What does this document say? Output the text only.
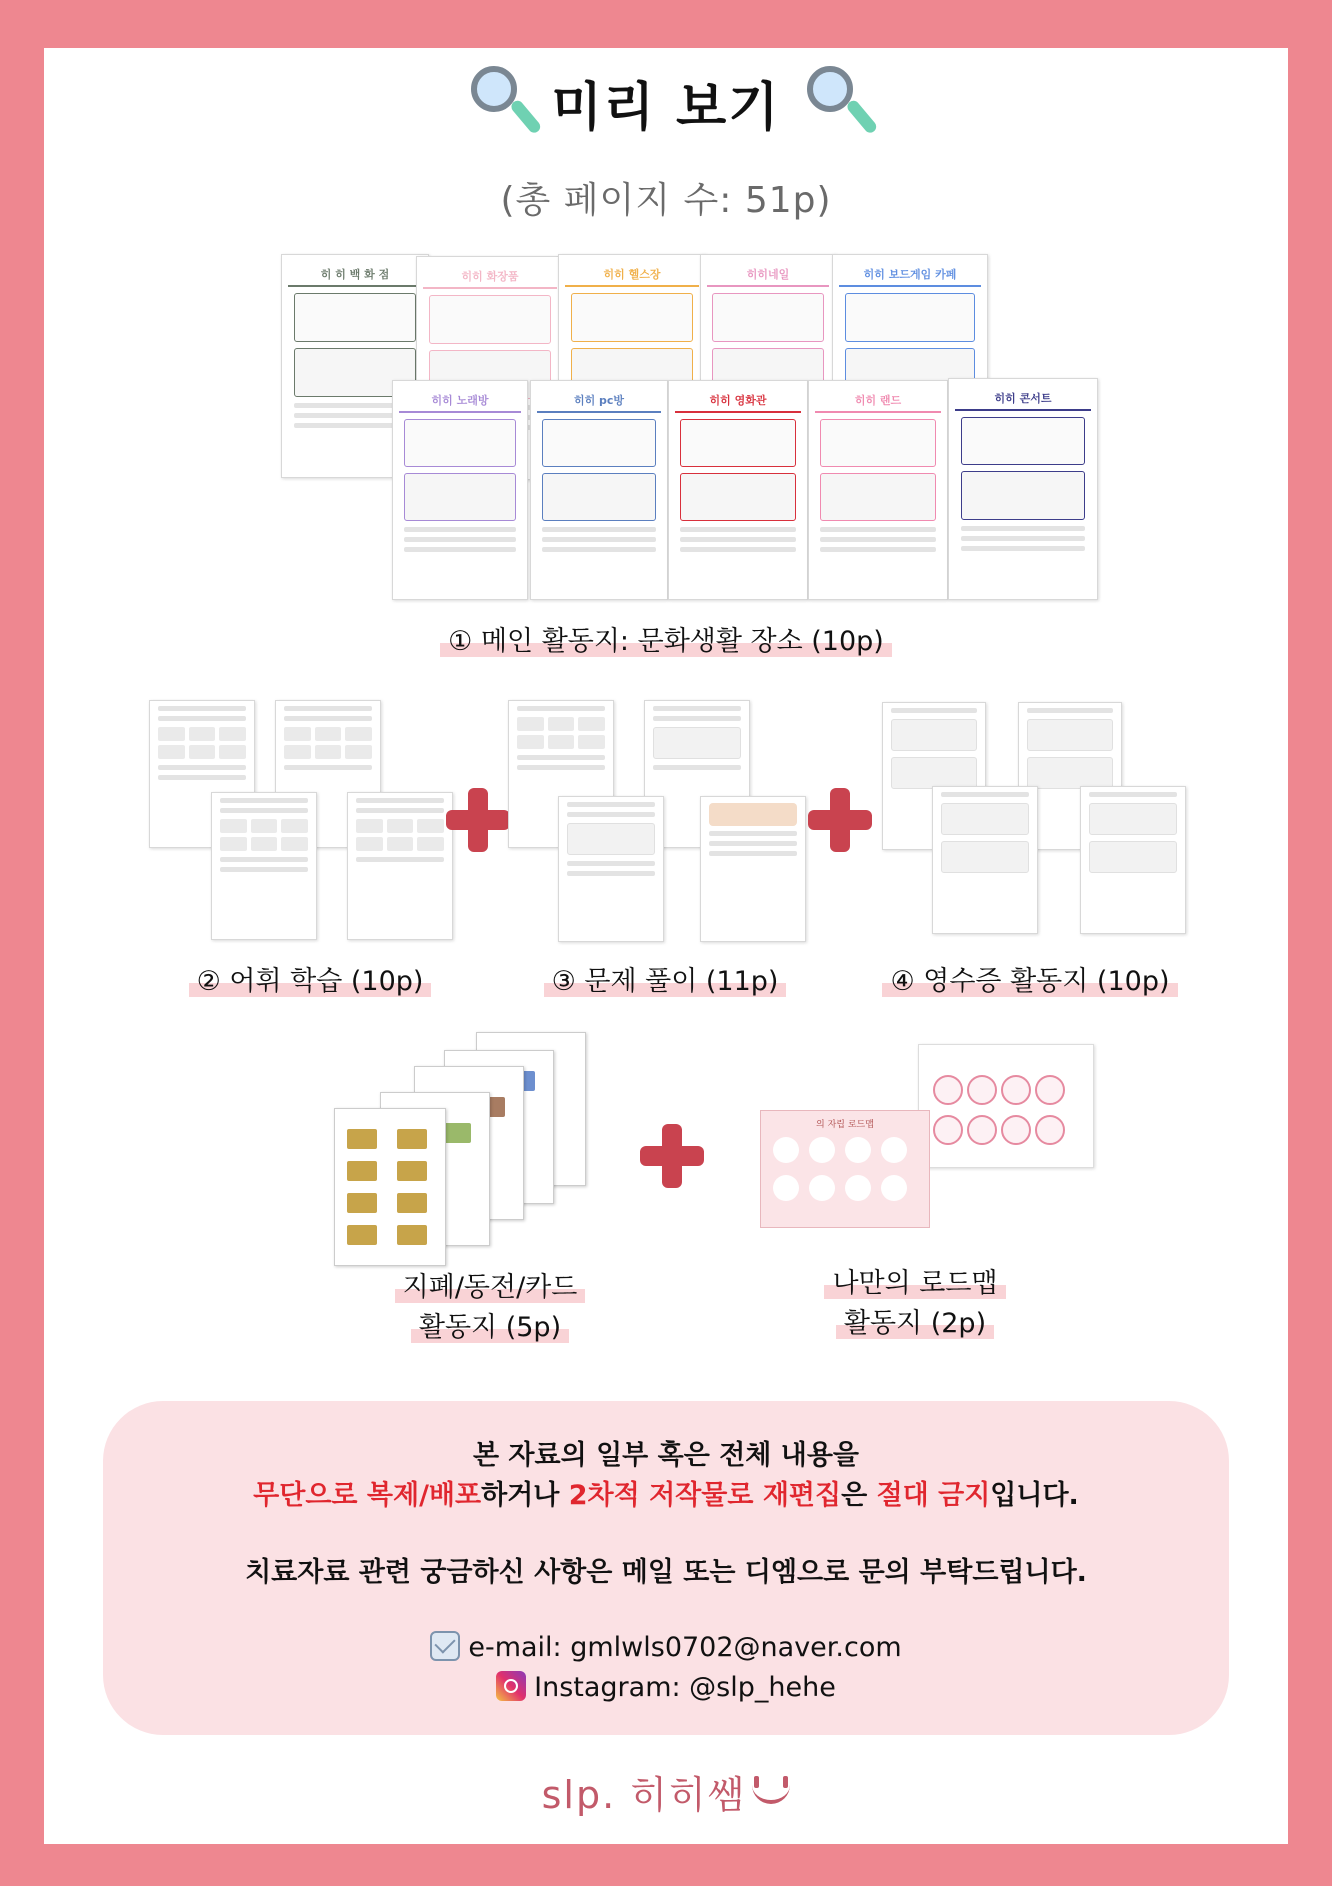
미리 보기
(총 페이지 수: 51p)
히 히 백 화 점	히히 화장품	히히 헬스장	히히네일	히히 보드게임 카페
히히 노래방	히히 pc방	히히 영화관	히히 랜드	히히 콘서트
① 메인 활동지: 문화생활 장소 (10p)
② 어휘 학습 (10p)	③ 문제 풀이 (11p)	④ 영수증 활동지 (10p)
의 자립 로드맵
지폐/동전/카드
활동지 (5p)
나만의 로드맵
활동지 (2p)
본 자료의 일부 혹은 전체 내용을
무단으로 복제/배포하거나 2차적 저작물로 재편집은 절대 금지입니다.
치료자료 관련 궁금하신 사항은 메일 또는 디엠으로 문의 부탁드립니다.
e-mail: gmlwls0702@naver.com
Instagram: @slp_hehe
slp. 히히쌤
